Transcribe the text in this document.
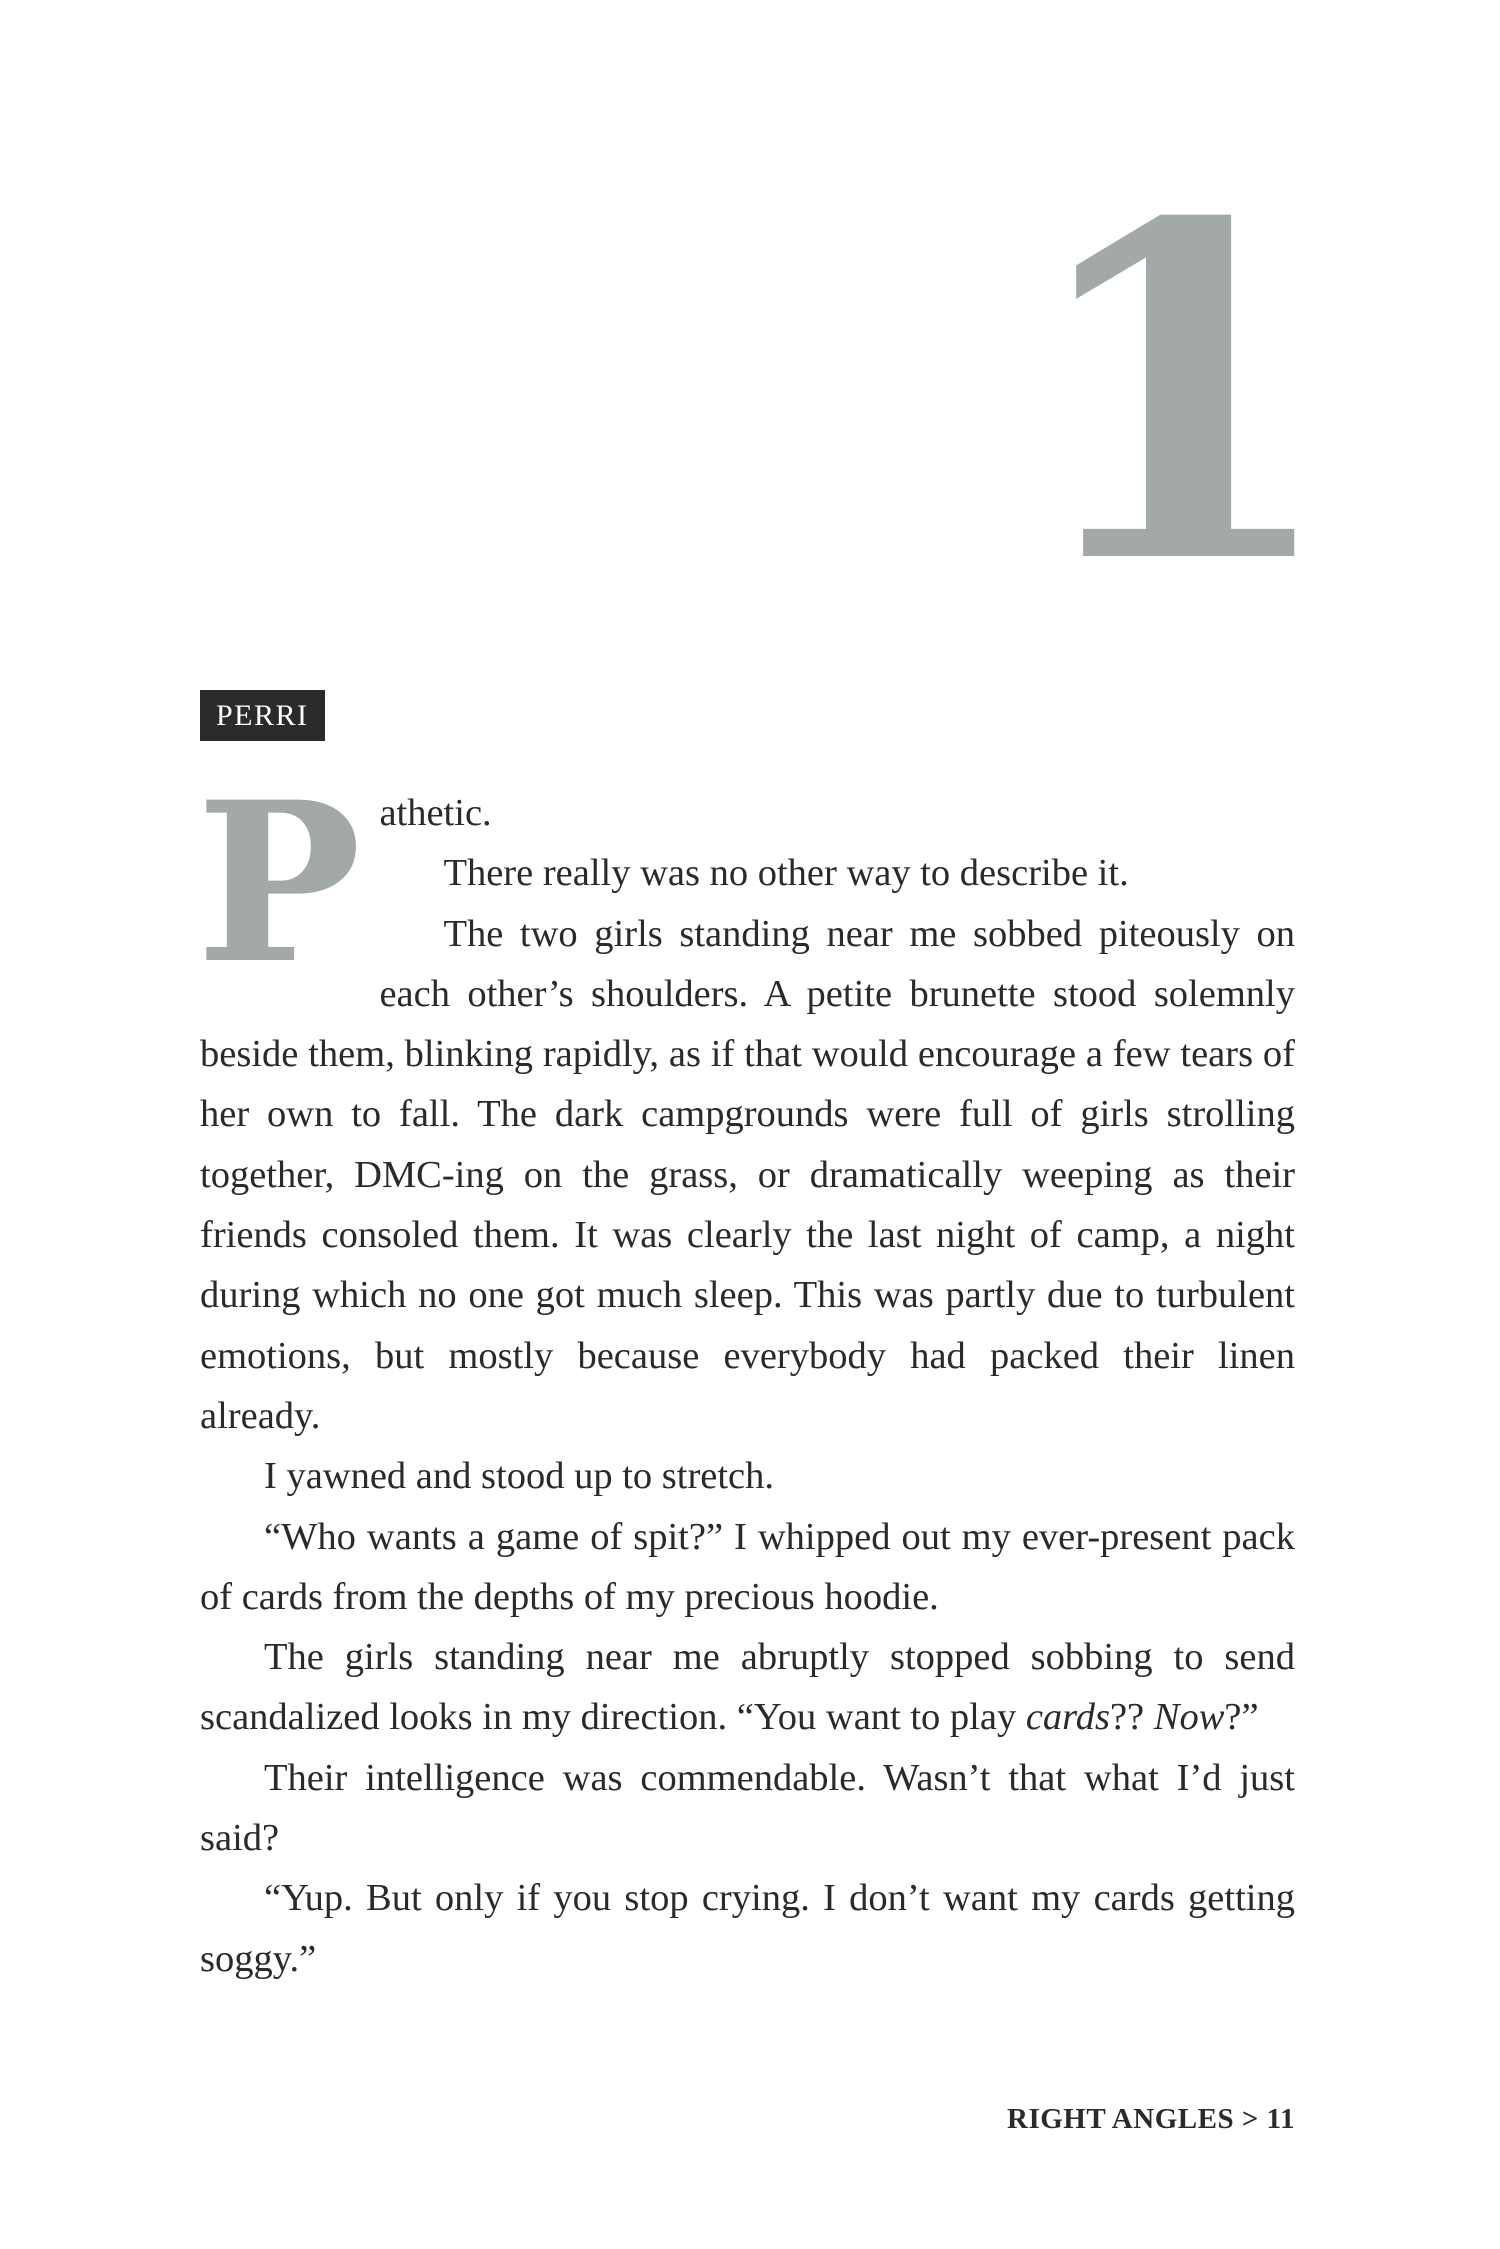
1
PERRI

Pathetic.

There really was no other way to describe it.

The two girls standing near me sobbed piteously on each other’s shoulders. A petite brunette stood solemnly beside them, blinking rapidly, as if that would encourage a few tears of her own to fall. The dark campgrounds were full of girls strolling together, DMC-ing on the grass, or dramatically weeping as their friends consoled them. It was clearly the last night of camp, a night during which no one got much sleep. This was partly due to turbulent emotions, but mostly because everybody had packed their linen already.

I yawned and stood up to stretch.

“Who wants a game of spit?” I whipped out my ever-present pack of cards from the depths of my precious hoodie.

The girls standing near me abruptly stopped sobbing to send scandalized looks in my direction. “You want to play cards?? Now?”

Their intelligence was commendable. Wasn’t that what I’d just said?

“Yup. But only if you stop crying. I don’t want my cards getting soggy.”

RIGHT ANGLES > 11
